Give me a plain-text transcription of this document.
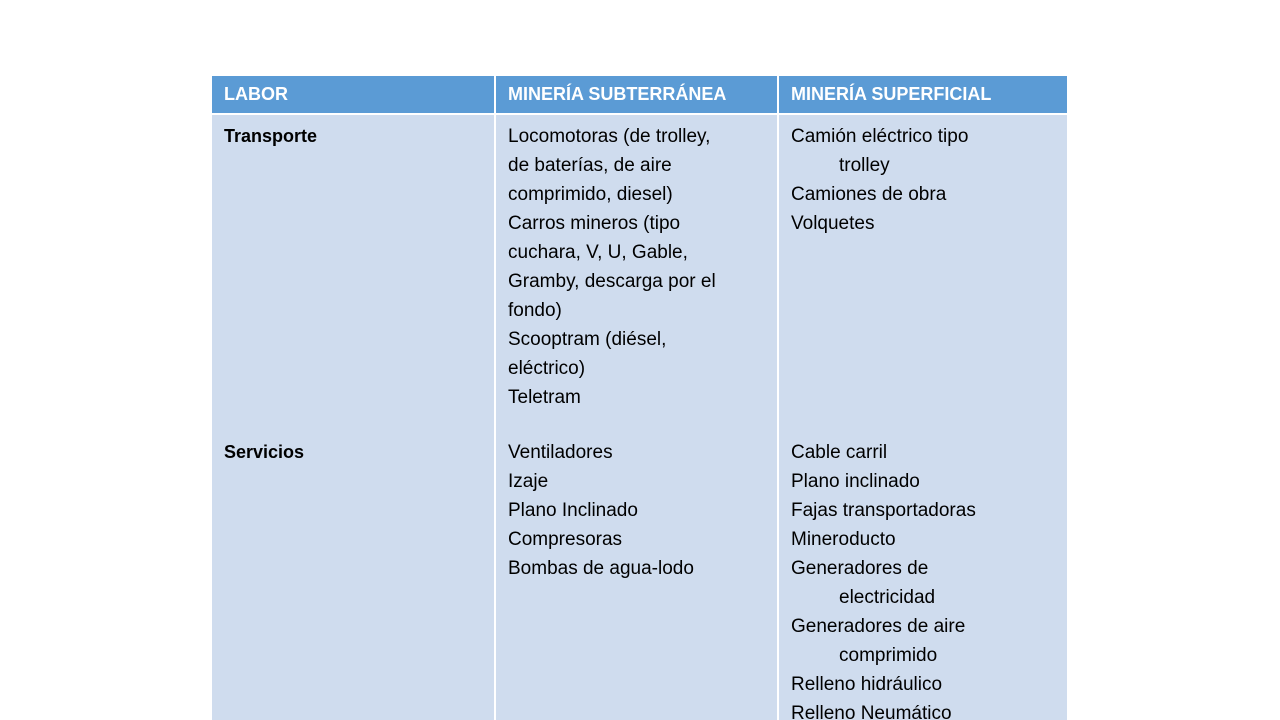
LABOR	MINERÍA SUBTERRÁNEA	MINERÍA SUPERFICIAL
Transporte
Servicios
Locomotoras (de trolley,
de baterías, de aire
comprimido, diesel)
Carros mineros (tipo
cuchara, V, U, Gable,
Gramby, descarga por el
fondo)
Scooptram (diésel,
eléctrico)
Teletram
Ventiladores
Izaje
Plano Inclinado
Compresoras
Bombas de agua-lodo
Camión eléctrico tipo
trolley
Camiones de obra
Volquetes
Cable carril
Plano inclinado
Fajas transportadoras
Mineroducto
Generadores de
electricidad
Generadores de aire
comprimido
Relleno hidráulico
Relleno Neumático
